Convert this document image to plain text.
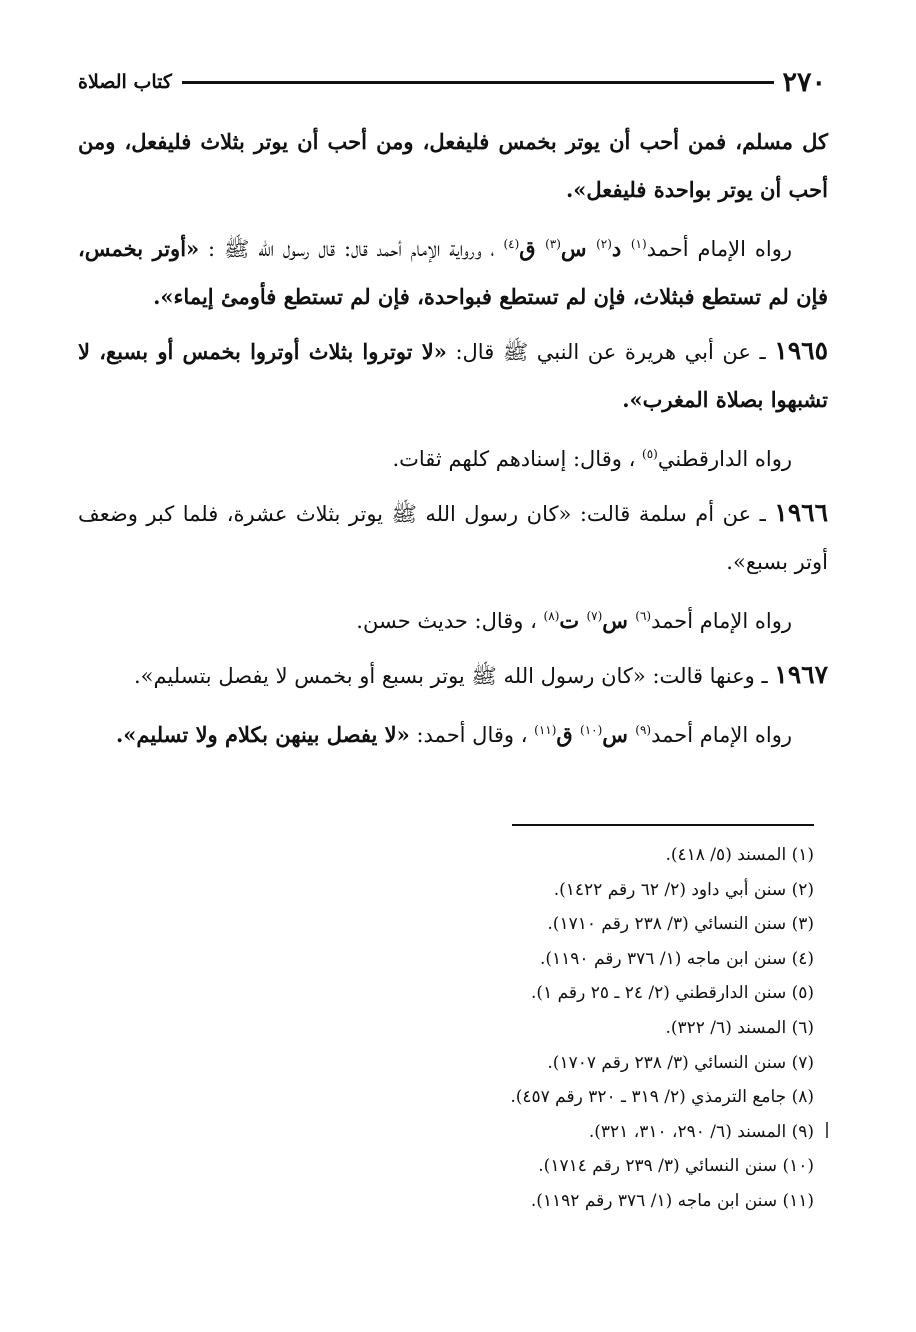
٢٧٠
كتاب الصلاة

كل مسلم، فمن أحب أن يوتر بخمس فليفعل، ومن أحب أن يوتر بثلاث فليفعل، ومن أحب أن يوتر بواحدة فليفعل».

رواه الإمام أحمد$^{(١)}$ د$^{(٢)}$ س$^{(٣)}$ ق$^{(٤)}$ ، ورواية الإمام أحمد قال: قال رسول الله ﷺ : «أوتر بخمس، فإن لم تستطع فبثلاث، فإن لم تستطع فبواحدة، فإن لم تستطع فأومئ إيماء».

١٩٦٥ ـ عن أبي هريرة عن النبي ﷺ قال: «لا توتروا بثلاث أوتروا بخمس أو بسبع، لا تشبهوا بصلاة المغرب».

رواه الدارقطني$^{(٥)}$ ، وقال: إسنادهم كلهم ثقات.

١٩٦٦ ـ عن أم سلمة قالت: «كان رسول الله ﷺ يوتر بثلاث عشرة، فلما كبر وضعف أوتر بسبع».

رواه الإمام أحمد$^{(٦)}$ س$^{(٧)}$ ت$^{(٨)}$ ، وقال: حديث حسن.

١٩٦٧ ـ وعنها قالت: «كان رسول الله ﷺ يوتر بسبع أو بخمس لا يفصل بتسليم».

رواه الإمام أحمد$^{(٩)}$ س$^{(١٠)}$ ق$^{(١١)}$ ، وقال أحمد: «لا يفصل بينهن بكلام ولا تسليم».

(١) المسند (٥/ ٤١٨).
(٢) سنن أبي داود (٢/ ٦٢ رقم ١٤٢٢).
(٣) سنن النسائي (٣/ ٢٣٨ رقم ١٧١٠).
(٤) سنن ابن ماجه (١/ ٣٧٦ رقم ١١٩٠).
(٥) سنن الدارقطني (٢/ ٢٤ ـ ٢٥ رقم ١).
(٦) المسند (٦/ ٣٢٢).
(٧) سنن النسائي (٣/ ٢٣٨ رقم ١٧٠٧).
(٨) جامع الترمذي (٢/ ٣١٩ ـ ٣٢٠ رقم ٤٥٧).
(٩) المسند (٦/ ٢٩٠، ٣١٠، ٣٢١).
(١٠) سنن النسائي (٣/ ٢٣٩ رقم ١٧١٤).
(١١) سنن ابن ماجه (١/ ٣٧٦ رقم ١١٩٢).
